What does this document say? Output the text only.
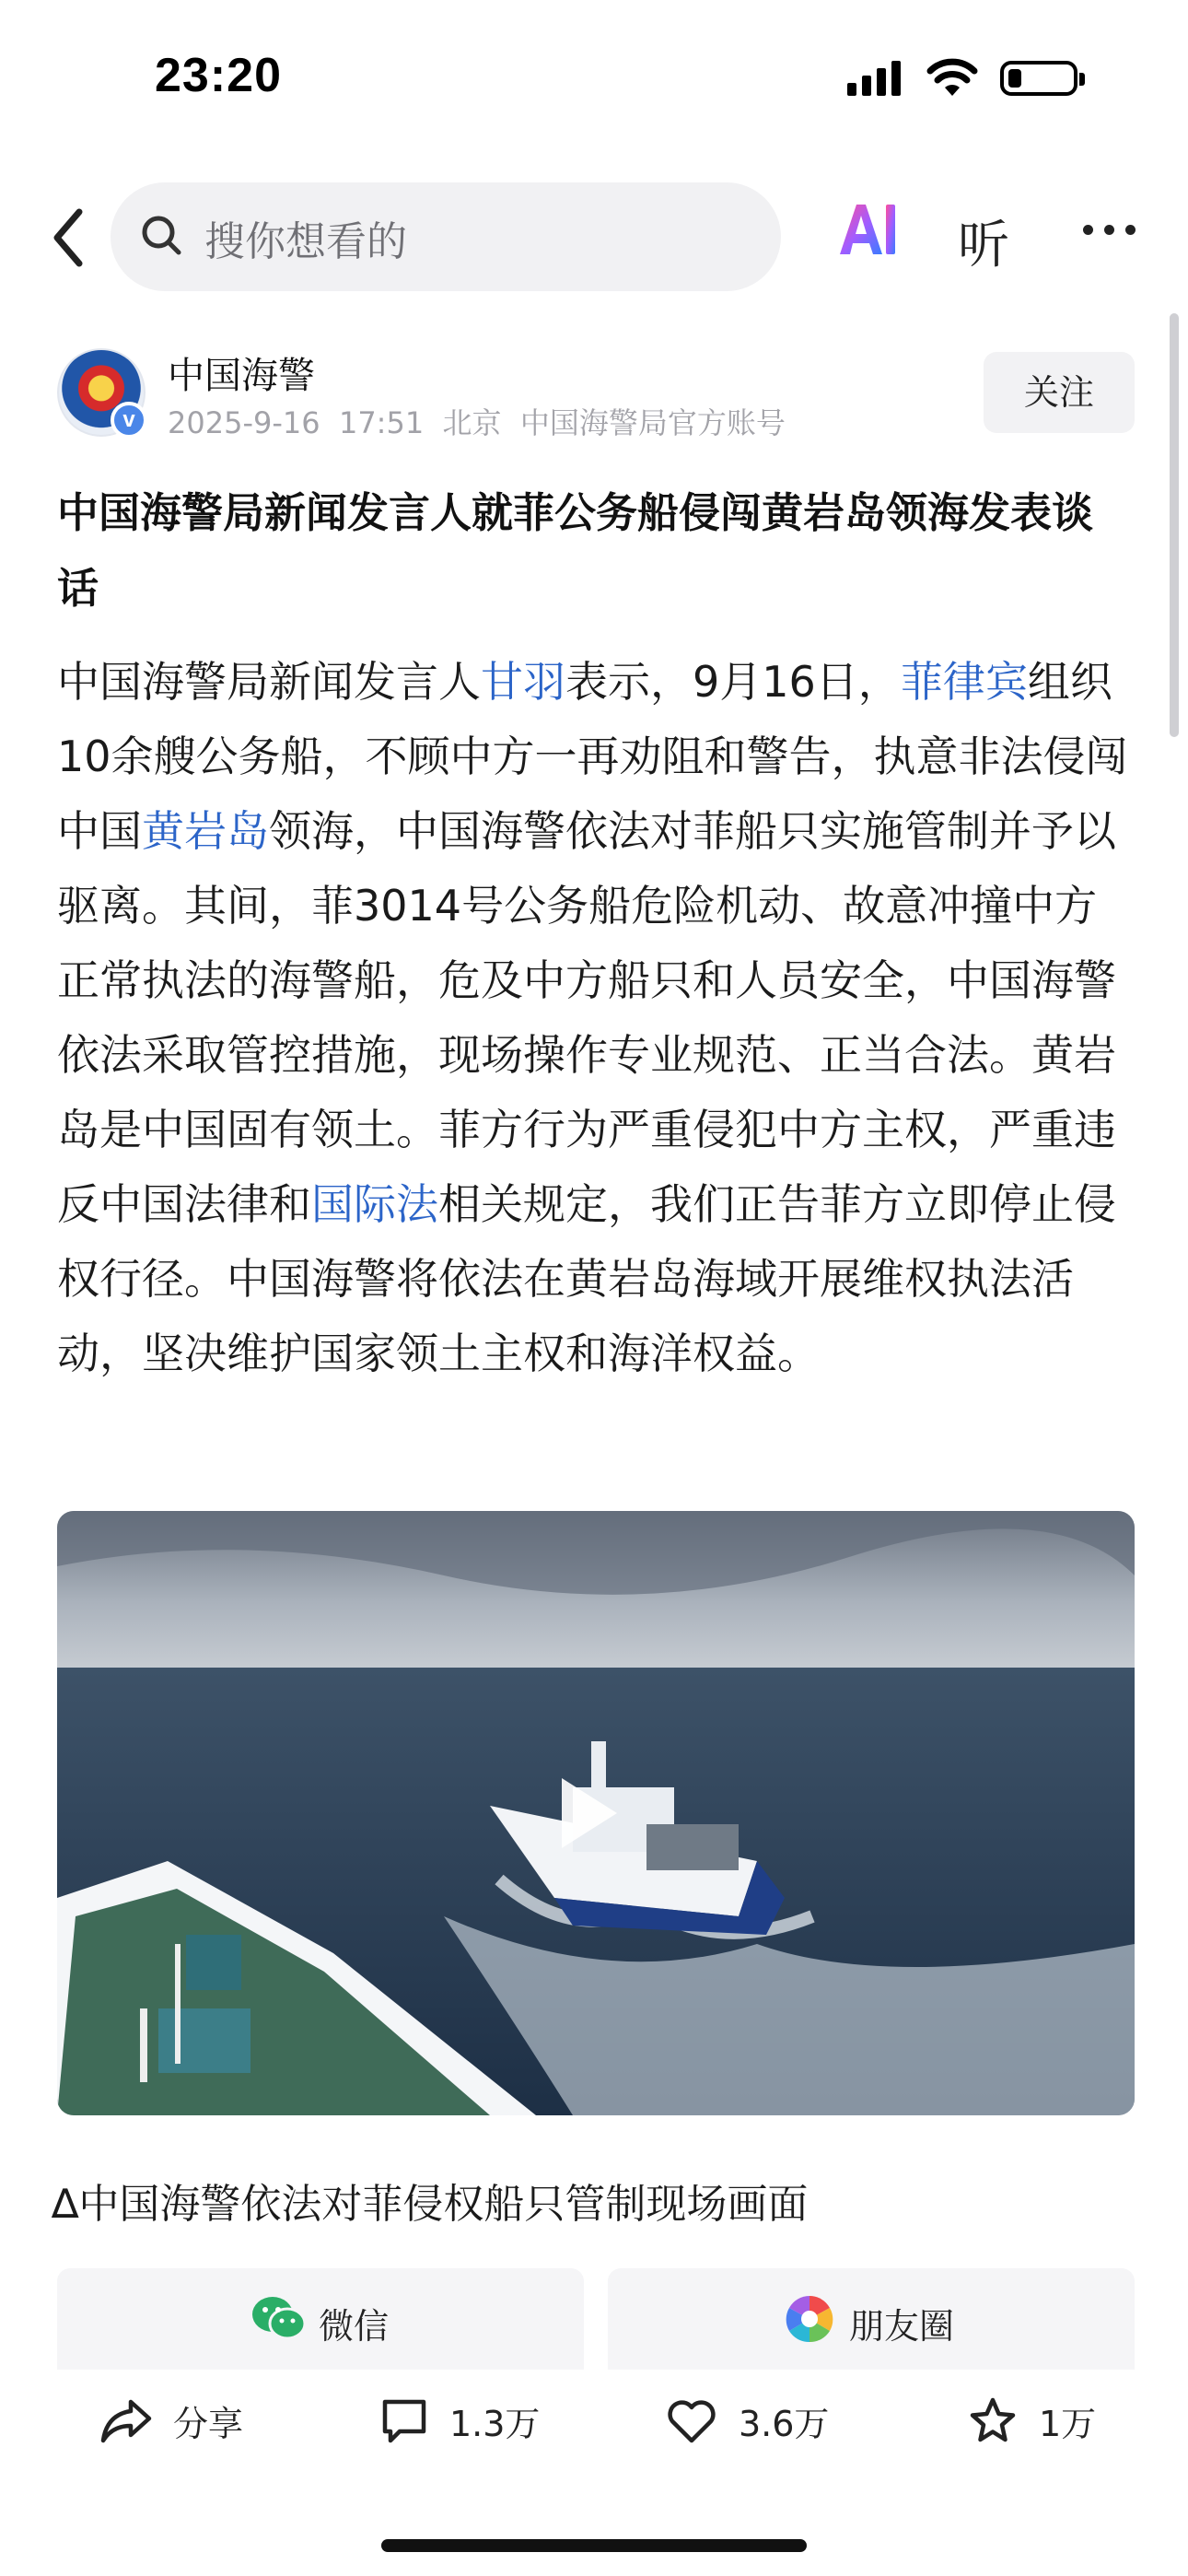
23:20
搜你想看的	听
v
中国海警
2025-9-16 17:51 北京 中国海警局官方账号
关注
中国海警局新闻发言人就菲公务船侵闯黄岩岛领海发表谈话
中国海警局新闻发言人甘羽表示，9月16日，菲律宾组织10余艘公务船，不顾中方一再劝阻和警告，执意非法侵闯中国黄岩岛领海，中国海警依法对菲船只实施管制并予以驱离。其间，菲3014号公务船危险机动、故意冲撞中方正常执法的海警船，危及中方船只和人员安全，中国海警依法采取管控措施，现场操作专业规范、正当合法。黄岩岛是中国固有领土。菲方行为严重侵犯中方主权，严重违反中国法律和国际法相关规定，我们正告菲方立即停止侵权行径。中国海警将依法在黄岩岛海域开展维权执法活动，坚决维护国家领土主权和海洋权益。
∆中国海警依法对菲侵权船只管制现场画面
微信	朋友圈
分享	1.3万	3.6万	1万
